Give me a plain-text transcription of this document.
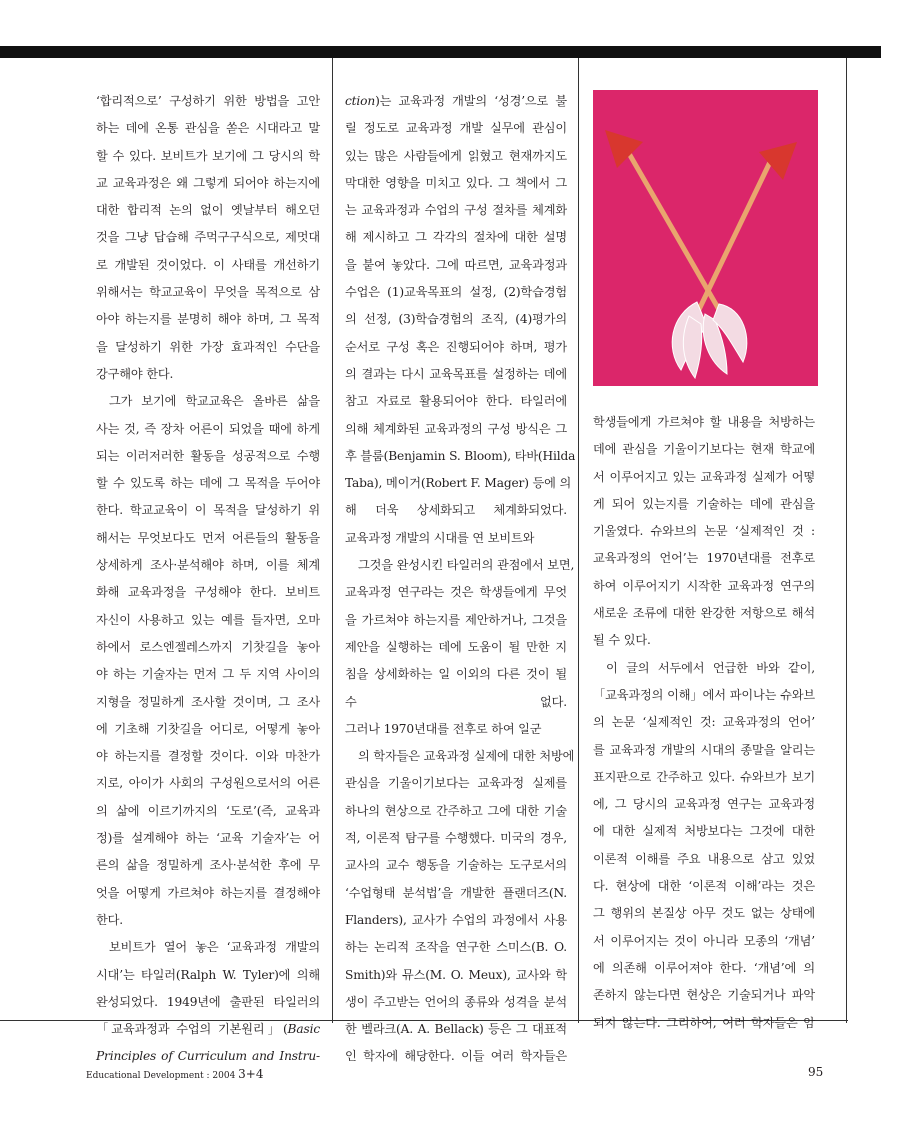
‘합리적으로’ 구성하기 위한 방법을 고안

하는 데에 온통 관심을 쏟은 시대라고 말

할 수 있다. 보비트가 보기에 그 당시의 학

교 교육과정은 왜 그렇게 되어야 하는지에

대한 합리적 논의 없이 옛날부터 해오던

것을 그냥 답습해 주먹구구식으로, 제멋대

로 개발된 것이었다. 이 사태를 개선하기

위해서는 학교교육이 무엇을 목적으로 삼

아야 하는지를 분명히 해야 하며, 그 목적

을 달성하기 위한 가장 효과적인 수단을

강구해야 한다.

그가 보기에 학교교육은 올바른 삶을

사는 것, 즉 장차 어른이 되었을 때에 하게

되는 이러저러한 활동을 성공적으로 수행

할 수 있도록 하는 데에 그 목적을 두어야

한다. 학교교육이 이 목적을 달성하기 위

해서는 무엇보다도 먼저 어른들의 활동을

상세하게 조사·분석해야 하며, 이를 체계

화해 교육과정을 구성해야 한다. 보비트

자신이 사용하고 있는 예를 들자면, 오마

하에서 로스엔젤레스까지 기찻길을 놓아

야 하는 기술자는 먼저 그 두 지역 사이의

지형을 정밀하게 조사할 것이며, 그 조사

에 기초해 기찻길을 어디로, 어떻게 놓아

야 하는지를 결정할 것이다. 이와 마찬가

지로, 아이가 사회의 구성원으로서의 어른

의 삶에 이르기까지의 ‘도로’(즉, 교육과

정)를 설계해야 하는 ‘교육 기술자’는 어

른의 삶을 정밀하게 조사·분석한 후에 무

엇을 어떻게 가르쳐야 하는지를 결정해야

한다.

보비트가 열어 놓은 ‘교육과정 개발의

시대’는 타일러(Ralph W. Tyler)에 의해

완성되었다. 1949년에 출판된 타일러의

「교육과정과 수업의 기본원리」(Basic

Principles of Curriculum and Instru-

ction)는 교육과정 개발의 ‘성경’으로 불

릴 정도로 교육과정 개발 실무에 관심이

있는 많은 사람들에게 읽혔고 현재까지도

막대한 영향을 미치고 있다. 그 책에서 그

는 교육과정과 수업의 구성 절차를 체계화

해 제시하고 그 각각의 절차에 대한 설명

을 붙여 놓았다. 그에 따르면, 교육과정과

수업은 (1)교육목표의 설정, (2)학습경험

의 선정, (3)학습경험의 조직, (4)평가의

순서로 구성 혹은 진행되어야 하며, 평가

의 결과는 다시 교육목표를 설정하는 데에

참고 자료로 활용되어야 한다. 타일러에

의해 체계화된 교육과정의 구성 방식은 그

후 블룸(Benjamin S. Bloom), 타바(Hilda

Taba), 메이거(Robert F. Mager) 등에 의

해 더욱 상세화되고 체계화되었다.

교육과정 개발의 시대를 연 보비트와

그것을 완성시킨 타일러의 관점에서 보면,

교육과정 연구라는 것은 학생들에게 무엇

을 가르쳐야 하는지를 제안하거나, 그것을

제안을 실행하는 데에 도움이 될 만한 지

침을 상세화하는 일 이외의 다른 것이 될

수 없다.

그러나 1970년대를 전후로 하여 일군

의 학자들은 교육과정 실제에 대한 처방에

관심을 기울이기보다는 교육과정 실제를

하나의 현상으로 간주하고 그에 대한 기술

적, 이론적 탐구를 수행했다. 미국의 경우,

교사의 교수 행동을 기술하는 도구로서의

‘수업형태 분석법’을 개발한 플랜더즈(N.

Flanders), 교사가 수업의 과정에서 사용

하는 논리적 조작을 연구한 스미스(B. O.

Smith)와 뮤스(M. O. Meux), 교사와 학

생이 주고받는 언어의 종류와 성격을 분석

한 벨라크(A. A. Bellack) 등은 그 대표적

인 학자에 해당한다. 이들 여러 학자들은

학생들에게 가르쳐야 할 내용을 처방하는

데에 관심을 기울이기보다는 현재 학교에

서 이루어지고 있는 교육과정 실제가 어떻

게 되어 있는지를 기술하는 데에 관심을

기울였다. 슈와브의 논문 ‘실제적인 것 :

교육과정의 언어’는 1970년대를 전후로

하여 이루어지기 시작한 교육과정 연구의

새로운 조류에 대한 완강한 저항으로 해석

될 수 있다.

이 글의 서두에서 언급한 바와 같이,

「교육과정의 이해」에서 파이나는 슈와브

의 논문 ‘실제적인 것: 교육과정의 언어’

를 교육과정 개발의 시대의 종말을 알리는

표지판으로 간주하고 있다. 슈와브가 보기

에, 그 당시의 교육과정 연구는 교육과정

에 대한 실제적 처방보다는 그것에 대한

이론적 이해를 주요 내용으로 삼고 있었

다. 현상에 대한 ‘이론적 이해’라는 것은

그 행위의 본질상 아무 것도 없는 상태에

서 이루어지는 것이 아니라 모종의 ‘개념’

에 의존해 이루어져야 한다. ‘개념’에 의

존하지 않는다면 현상은 기술되거나 파악

되지 않는다. 그리하여, 여러 학자들은 암

Educational Development : 2004 3+4	95
